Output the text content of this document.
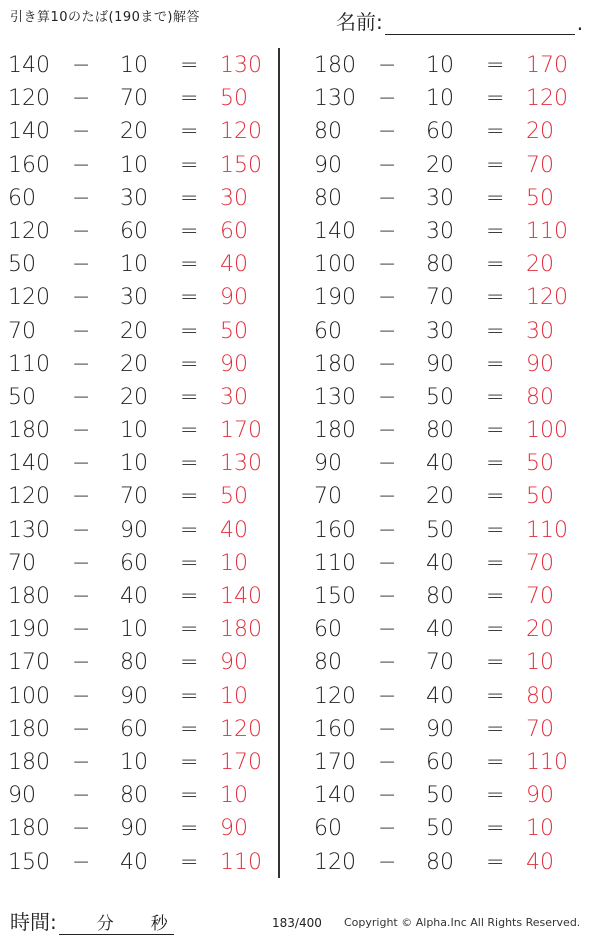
引き算10のたば(190まで)解答	名前:	.
140	− 10	= 130
120	− 70	= 50
140	− 20	= 120
160	− 10	= 150
60	− 30	= 30
120	− 60	= 60
50	− 10	= 40
120	− 30	= 90
70	− 20	= 50
110	− 20	= 90
50	− 20	= 30
180	− 10	= 170
140	− 10	= 130
120	− 70	= 50
130	− 90	= 40
70	− 60	= 10
180	− 40	= 140
190	− 10	= 180
170	− 80	= 90
100	− 90	= 10
180	− 60	= 120
180	− 10	= 170
90	− 80	= 10
180	− 90	= 90
150	− 40	= 110
180	− 10	= 170
130	− 10	= 120
80	− 60	= 20
90	− 20	= 70
80	− 30	= 50
140	− 30	= 110
100	− 80	= 20
190	− 70	= 120
60	− 30	= 30
180	− 90	= 90
130	− 50	= 80
180	− 80	= 100
90	− 40	= 50
70	− 20	= 50
160	− 50	= 110
110	− 40	= 70
150	− 80	= 70
60	− 40	= 20
80	− 70	= 10
120	− 40	= 80
160	− 90	= 70
170	− 60	= 110
140	− 50	= 90
60	− 50	= 10
120	− 80	= 40
時間: 分 秒	183/400 Copyright © Alpha.Inc All Rights Reserved.
